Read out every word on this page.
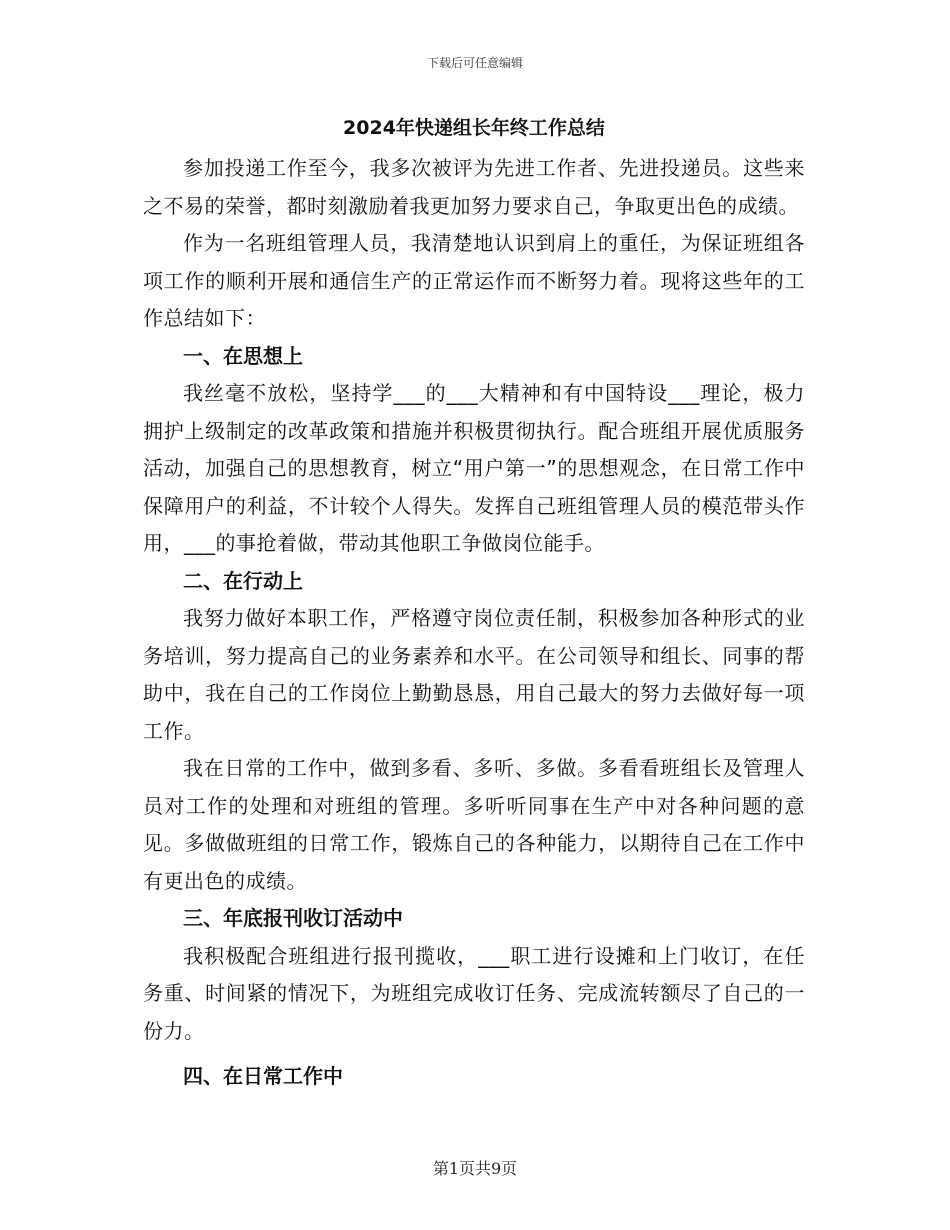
下载后可任意编辑
2024年快递组长年终工作总结

参加投递工作至今，我多次被评为先进工作者、先进投递员。这些来之不易的荣誉，都时刻激励着我更加努力要求自己，争取更出色的成绩。

作为一名班组管理人员，我清楚地认识到肩上的重任，为保证班组各项工作的顺利开展和通信生产的正常运作而不断努力着。现将这些年的工作总结如下：

一、在思想上

我丝毫不放松，坚持学___的___大精神和有中国特设___理论，极力拥护上级制定的改革政策和措施并积极贯彻执行。配合班组开展优质服务活动，加强自己的思想教育，树立“用户第一”的思想观念，在日常工作中保障用户的利益，不计较个人得失。发挥自己班组管理人员的模范带头作用，___的事抢着做，带动其他职工争做岗位能手。

二、在行动上

我努力做好本职工作，严格遵守岗位责任制，积极参加各种形式的业务培训，努力提高自己的业务素养和水平。在公司领导和组长、同事的帮助中，我在自己的工作岗位上勤勤恳恳，用自己最大的努力去做好每一项工作。

我在日常的工作中，做到多看、多听、多做。多看看班组长及管理人员对工作的处理和对班组的管理。多听听同事在生产中对各种问题的意见。多做做班组的日常工作，锻炼自己的各种能力，以期待自己在工作中有更出色的成绩。

三、年底报刊收订活动中

我积极配合班组进行报刊揽收，___职工进行设摊和上门收订，在任务重、时间紧的情况下，为班组完成收订任务、完成流转额尽了自己的一份力。

四、在日常工作中
第1页共9页
